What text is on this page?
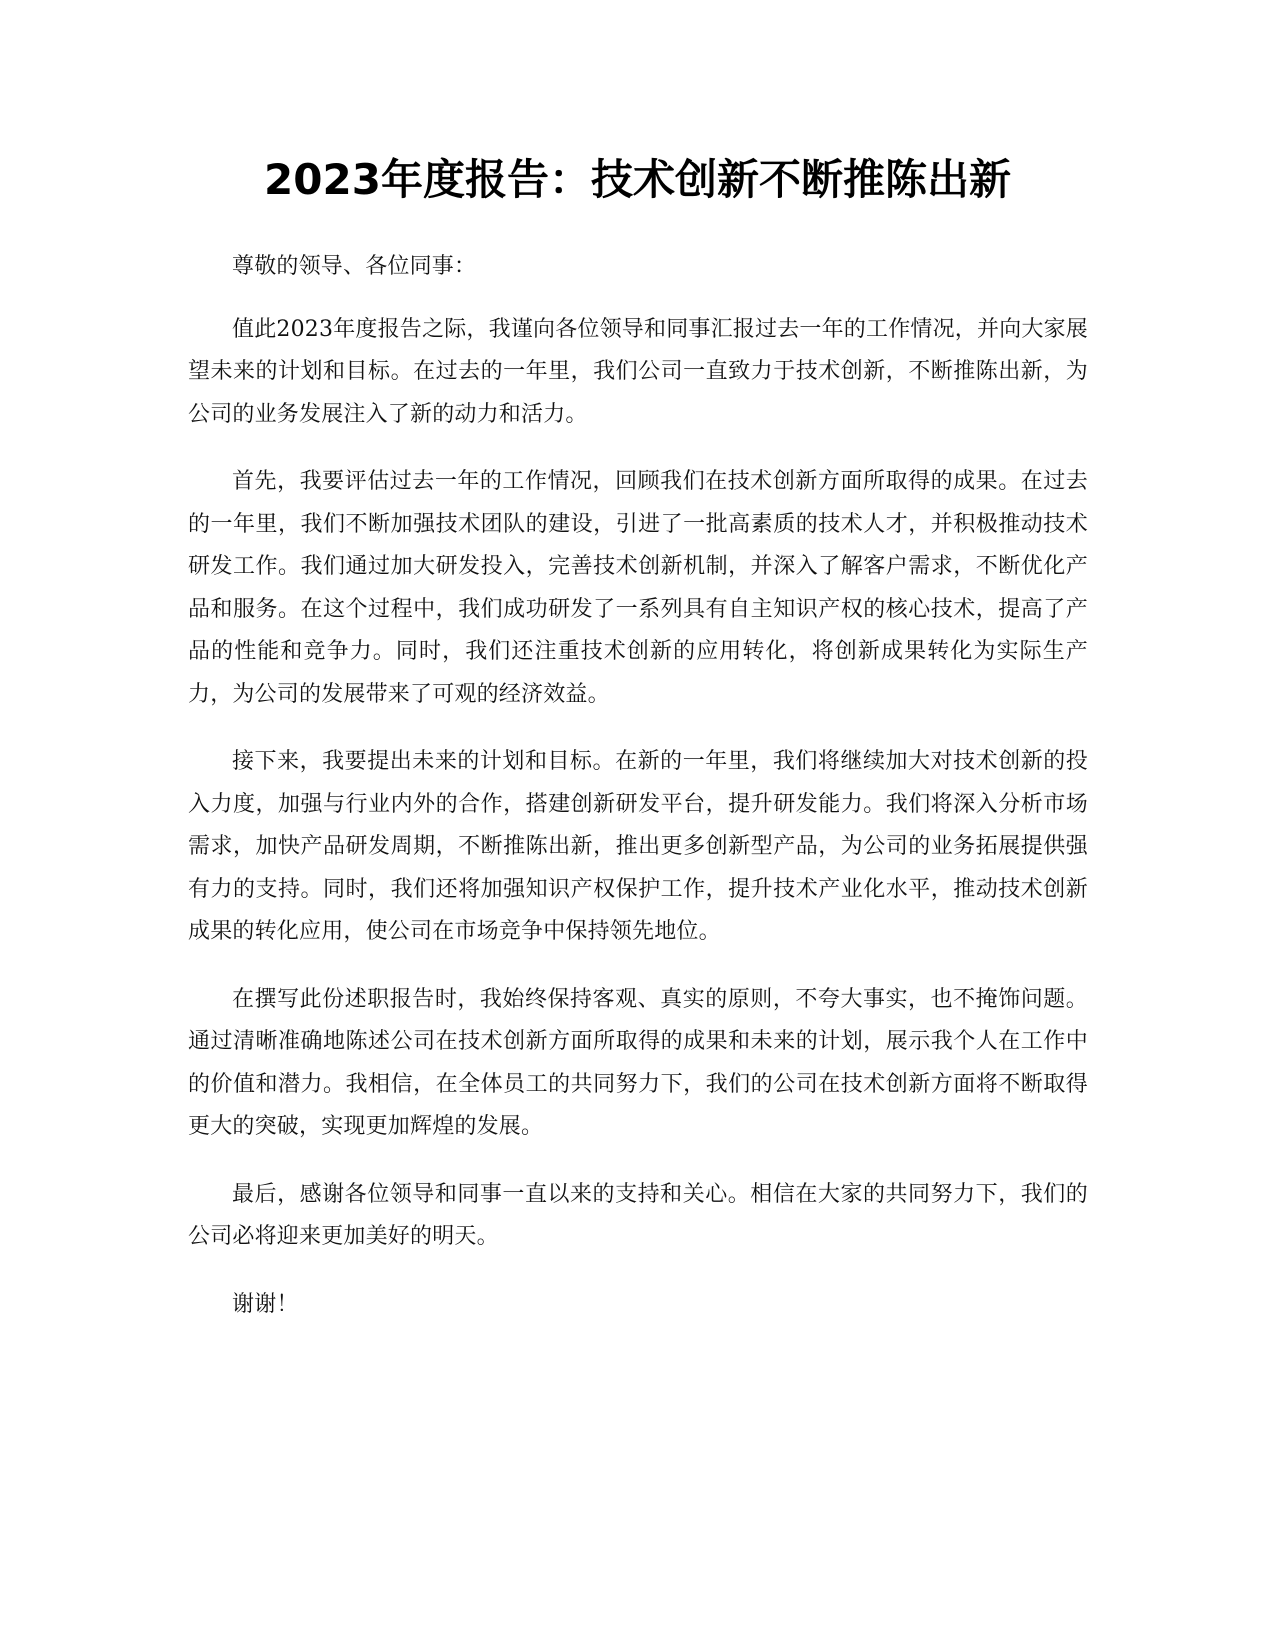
2023年度报告：技术创新不断推陈出新

尊敬的领导、各位同事：

值此2023年度报告之际，我谨向各位领导和同事汇报过去一年的工作情况，并向大家展望未来的计划和目标。在过去的一年里，我们公司一直致力于技术创新，不断推陈出新，为公司的业务发展注入了新的动力和活力。

首先，我要评估过去一年的工作情况，回顾我们在技术创新方面所取得的成果。在过去的一年里，我们不断加强技术团队的建设，引进了一批高素质的技术人才，并积极推动技术研发工作。我们通过加大研发投入，完善技术创新机制，并深入了解客户需求，不断优化产品和服务。在这个过程中，我们成功研发了一系列具有自主知识产权的核心技术，提高了产品的性能和竞争力。同时，我们还注重技术创新的应用转化，将创新成果转化为实际生产力，为公司的发展带来了可观的经济效益。

接下来，我要提出未来的计划和目标。在新的一年里，我们将继续加大对技术创新的投入力度，加强与行业内外的合作，搭建创新研发平台，提升研发能力。我们将深入分析市场需求，加快产品研发周期，不断推陈出新，推出更多创新型产品，为公司的业务拓展提供强有力的支持。同时，我们还将加强知识产权保护工作，提升技术产业化水平，推动技术创新成果的转化应用，使公司在市场竞争中保持领先地位。

在撰写此份述职报告时，我始终保持客观、真实的原则，不夸大事实，也不掩饰问题。通过清晰准确地陈述公司在技术创新方面所取得的成果和未来的计划，展示我个人在工作中的价值和潜力。我相信，在全体员工的共同努力下，我们的公司在技术创新方面将不断取得更大的突破，实现更加辉煌的发展。

最后，感谢各位领导和同事一直以来的支持和关心。相信在大家的共同努力下，我们的公司必将迎来更加美好的明天。

谢谢！
